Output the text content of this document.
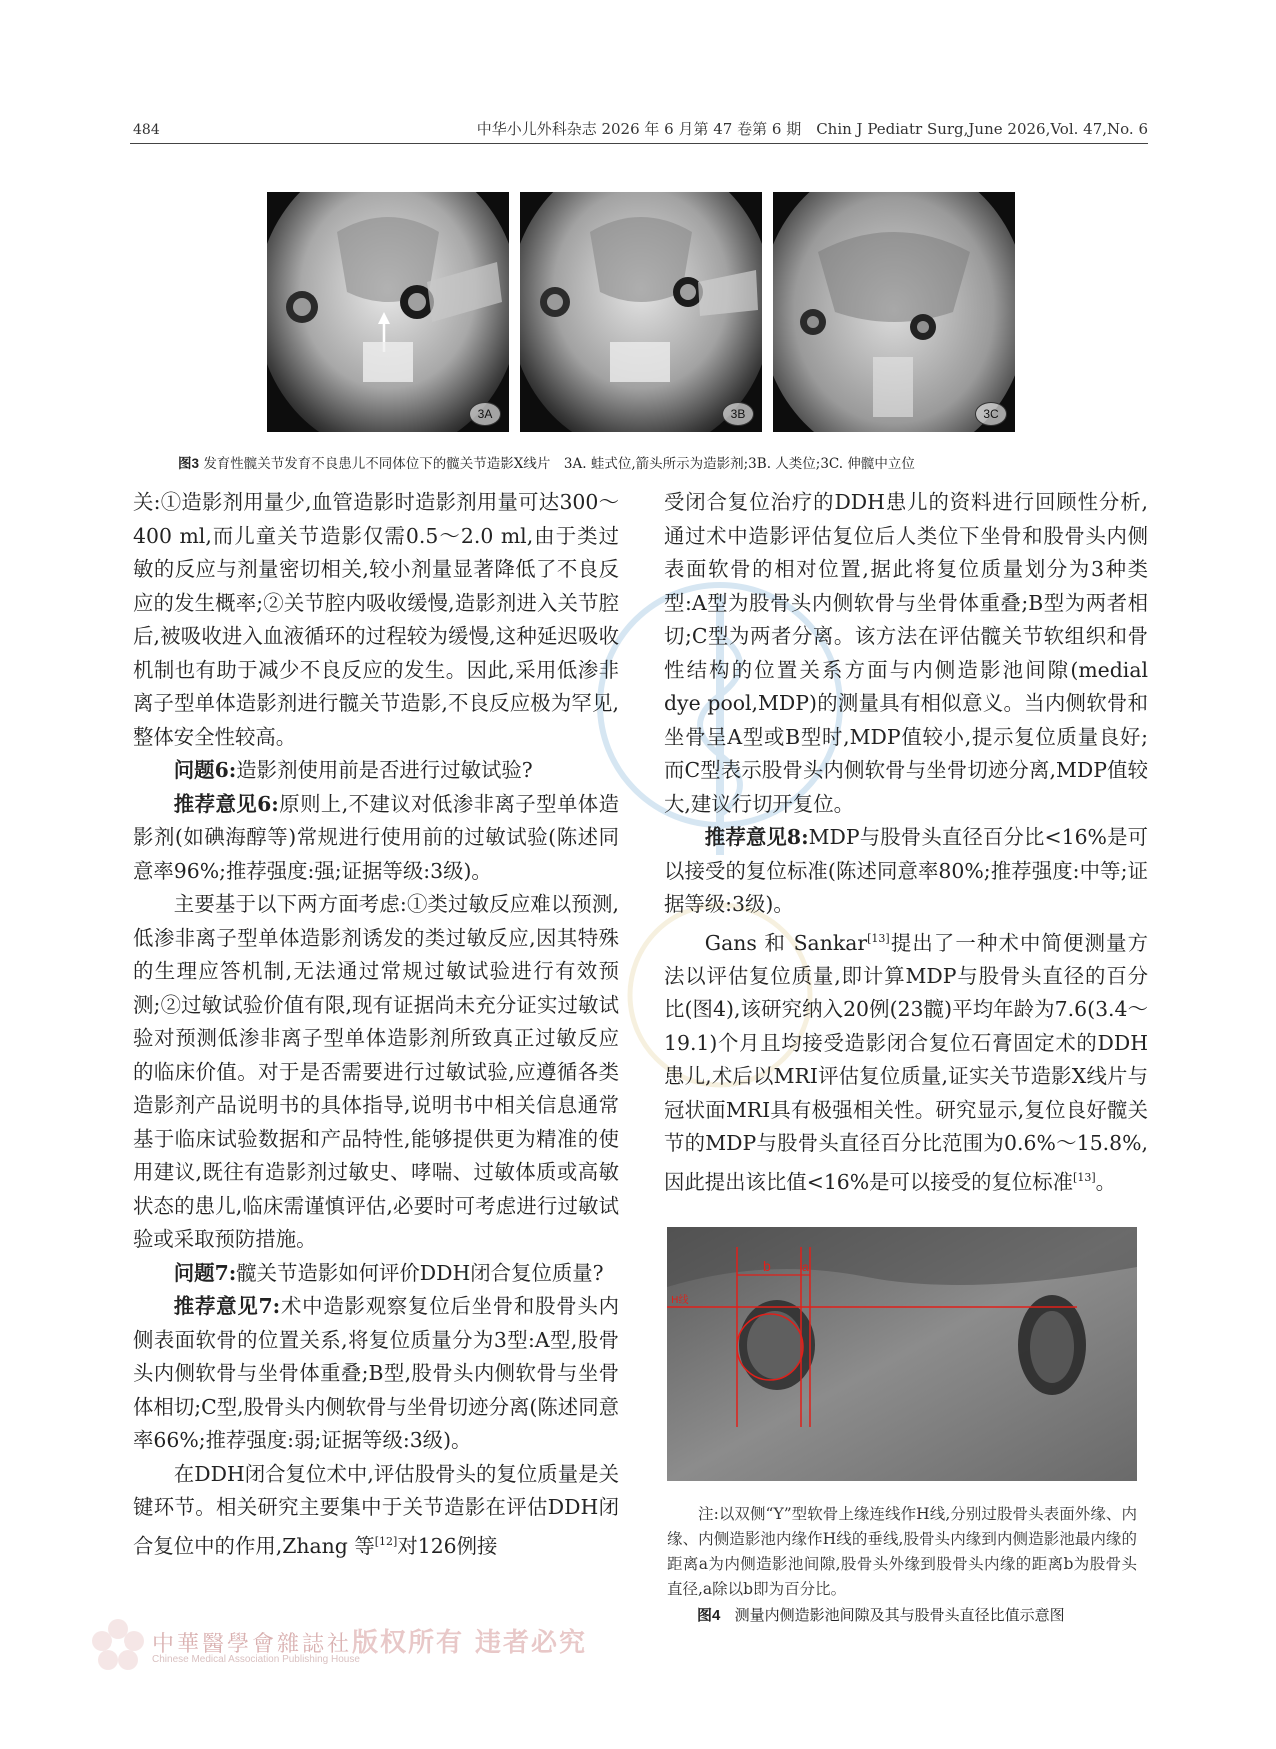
484	中华小儿外科杂志 2026 年 6 月第 47 卷第 6 期　Chin J Pediatr Surg,June 2026,Vol. 47,No. 6
3A	3B	3C
图3 发育性髋关节发育不良患儿不同体位下的髋关节造影X线片　3A. 蛙式位,箭头所示为造影剂;3B. 人类位;3C. 伸髋中立位

关:①造影剂用量少,血管造影时造影剂用量可达300～400 ml,而儿童关节造影仅需0.5～2.0 ml,由于类过敏的反应与剂量密切相关,较小剂量显著降低了不良反应的发生概率;②关节腔内吸收缓慢,造影剂进入关节腔后,被吸收进入血液循环的过程较为缓慢,这种延迟吸收机制也有助于减少不良反应的发生。因此,采用低渗非离子型单体造影剂进行髋关节造影,不良反应极为罕见,整体安全性较高。

问题6:造影剂使用前是否进行过敏试验?

推荐意见6:原则上,不建议对低渗非离子型单体造影剂(如碘海醇等)常规进行使用前的过敏试验(陈述同意率96%;推荐强度:强;证据等级:3级)。

主要基于以下两方面考虑:①类过敏反应难以预测,低渗非离子型单体造影剂诱发的类过敏反应,因其特殊的生理应答机制,无法通过常规过敏试验进行有效预测;②过敏试验价值有限,现有证据尚未充分证实过敏试验对预测低渗非离子型单体造影剂所致真正过敏反应的临床价值。对于是否需要进行过敏试验,应遵循各类造影剂产品说明书的具体指导,说明书中相关信息通常基于临床试验数据和产品特性,能够提供更为精准的使用建议,既往有造影剂过敏史、哮喘、过敏体质或高敏状态的患儿,临床需谨慎评估,必要时可考虑进行过敏试验或采取预防措施。

问题7:髋关节造影如何评价DDH闭合复位质量?

推荐意见7:术中造影观察复位后坐骨和股骨头内侧表面软骨的位置关系,将复位质量分为3型:A型,股骨头内侧软骨与坐骨体重叠;B型,股骨头内侧软骨与坐骨体相切;C型,股骨头内侧软骨与坐骨切迹分离(陈述同意率66%;推荐强度:弱;证据等级:3级)。

在DDH闭合复位术中,评估股骨头的复位质量是关键环节。相关研究主要集中于关节造影在评估DDH闭合复位中的作用,Zhang 等[12]对126例接

受闭合复位治疗的DDH患儿的资料进行回顾性分析,通过术中造影评估复位后人类位下坐骨和股骨头内侧表面软骨的相对位置,据此将复位质量划分为3种类型:A型为股骨头内侧软骨与坐骨体重叠;B型为两者相切;C型为两者分离。该方法在评估髋关节软组织和骨性结构的位置关系方面与内侧造影池间隙(medial dye pool,MDP)的测量具有相似意义。当内侧软骨和坐骨呈A型或B型时,MDP值较小,提示复位质量良好;而C型表示股骨头内侧软骨与坐骨切迹分离,MDP值较大,建议行切开复位。

推荐意见8:MDP与股骨头直径百分比<16%是可以接受的复位标准(陈述同意率80%;推荐强度:中等;证据等级:3级)。

Gans 和 Sankar[13]提出了一种术中简便测量方法以评估复位质量,即计算MDP与股骨头直径的百分比(图4),该研究纳入20例(23髋)平均年龄为7.6(3.4～19.1)个月且均接受造影闭合复位石膏固定术的DDH患儿,术后以MRI评估复位质量,证实关节造影X线片与冠状面MRI具有极强相关性。研究显示,复位良好髋关节的MDP与股骨头直径百分比范围为0.6%～15.8%,因此提出该比值<16%是可以接受的复位标准[13]。

b	a
H线
注:以双侧“Y”型软骨上缘连线作H线,分别过股骨头表面外缘、内缘、内侧造影池内缘作H线的垂线,股骨头内缘到内侧造影池最内缘的距离a为内侧造影池间隙,股骨头外缘到股骨头内缘的距离b为股骨头直径,a除以b即为百分比。
图4 测量内侧造影池间隙及其与股骨头直径比值示意图
中華醫學會雜誌社
Chinese Medical Association Publishing House
版权所有 违者必究
